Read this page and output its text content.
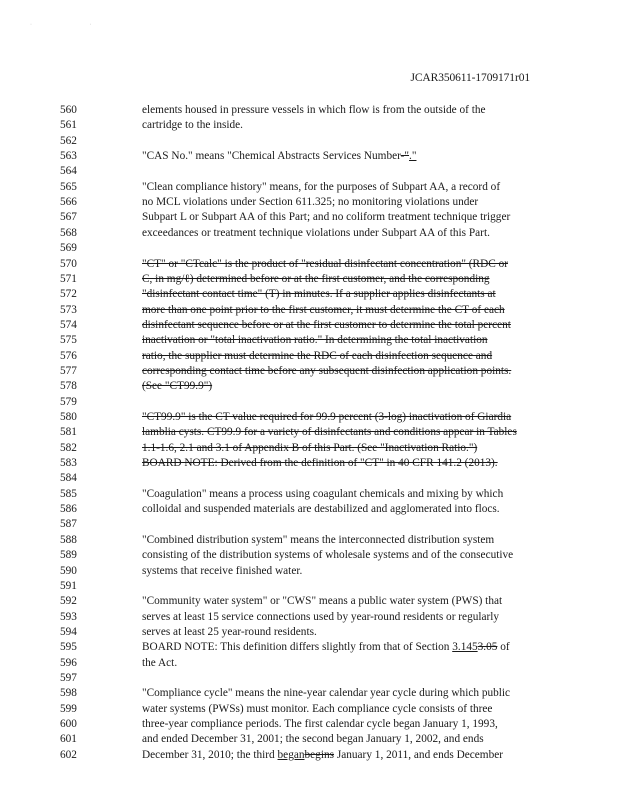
· ·
JCAR350611-1709171r01
560	elements housed in pressure vessels in which flow is from the outside of the
561	cartridge to the inside.
562
563	"CAS No." means "Chemical Abstracts Services Number-"."
564
565	"Clean compliance history" means, for the purposes of Subpart AA, a record of
566	no MCL violations under Section 611.325; no monitoring violations under
567	Subpart L or Subpart AA of this Part; and no coliform treatment technique trigger
568	exceedances or treatment technique violations under Subpart AA of this Part.
569
570	"CT" or "CTcalc" is the product of "residual disinfectant concentration" (RDC or
571	C, in mg/ℓ) determined before or at the first customer, and the corresponding
572	"disinfectant contact time" (T) in minutes. If a supplier applies disinfectants at
573	more than one point prior to the first customer, it must determine the CT of each
574	disinfectant sequence before or at the first customer to determine the total percent
575	inactivation or "total inactivation ratio." In determining the total inactivation
576	ratio, the supplier must determine the RDC of each disinfection sequence and
577	corresponding contact time before any subsequent disinfection application points.
578	(See "CT99.9")
579
580	"CT99.9" is the CT value required for 99.9 percent (3-log) inactivation of Giardia
581	lamblia cysts. CT99.9 for a variety of disinfectants and conditions appear in Tables
582	1.1-1.6, 2.1 and 3.1 of Appendix B of this Part. (See "Inactivation Ratio.")
583	BOARD NOTE: Derived from the definition of "CT" in 40 CFR 141.2 (2013).
584
585	"Coagulation" means a process using coagulant chemicals and mixing by which
586	colloidal and suspended materials are destabilized and agglomerated into flocs.
587
588	"Combined distribution system" means the interconnected distribution system
589	consisting of the distribution systems of wholesale systems and of the consecutive
590	systems that receive finished water.
591
592	"Community water system" or "CWS" means a public water system (PWS) that
593	serves at least 15 service connections used by year-round residents or regularly
594	serves at least 25 year-round residents.
595	BOARD NOTE: This definition differs slightly from that of Section 3.1453.05 of
596	the Act.
597
598	"Compliance cycle" means the nine-year calendar year cycle during which public
599	water systems (PWSs) must monitor. Each compliance cycle consists of three
600	three-year compliance periods. The first calendar cycle began January 1, 1993,
601	and ended December 31, 2001; the second began January 1, 2002, and ends
602	December 31, 2010; the third beganbegins January 1, 2011, and ends December
